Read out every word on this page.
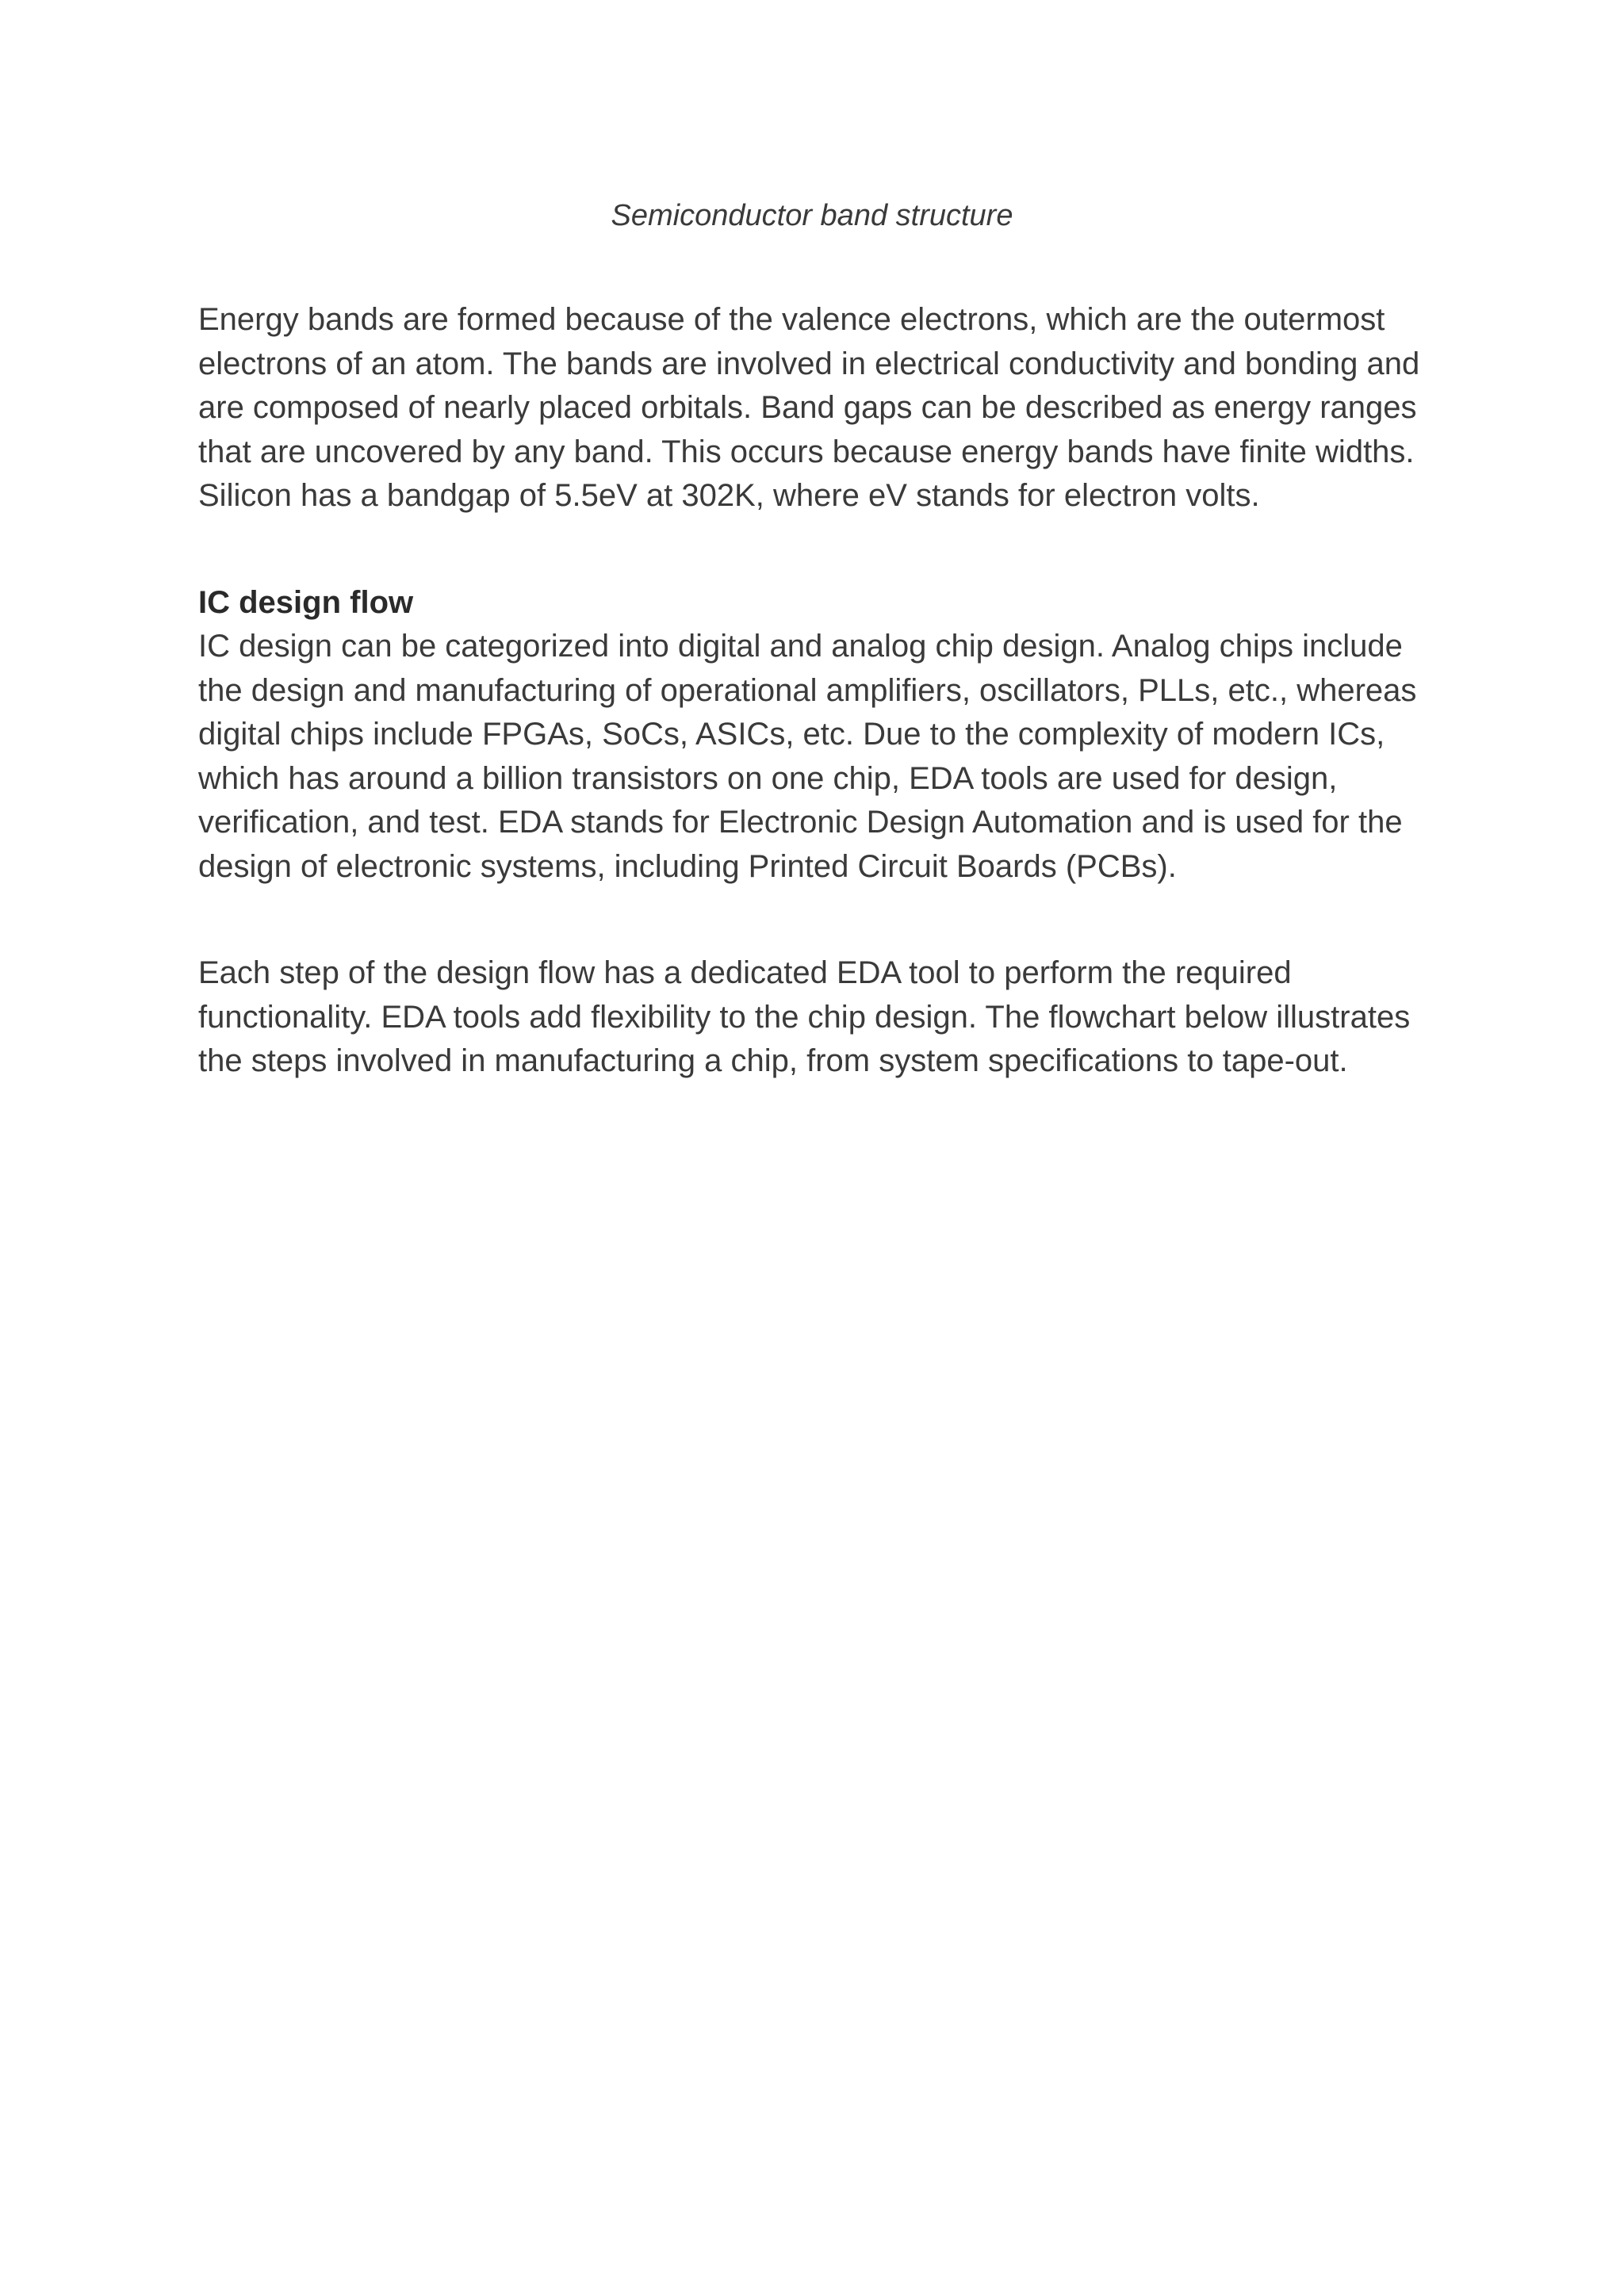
Semiconductor band structure

Energy bands are formed because of the valence electrons, which are the outermost electrons of an atom. The bands are involved in electrical conductivity and bonding and are composed of nearly placed orbitals. Band gaps can be described as energy ranges that are uncovered by any band. This occurs because energy bands have finite widths. Silicon has a bandgap of 5.5eV at 302K, where eV stands for electron volts.

IC design flow

IC design can be categorized into digital and analog chip design. Analog chips include the design and manufacturing of operational amplifiers, oscillators, PLLs, etc., whereas digital chips include FPGAs, SoCs, ASICs, etc. Due to the complexity of modern ICs, which has around a billion transistors on one chip, EDA tools are used for design, verification, and test. EDA stands for Electronic Design Automation and is used for the design of electronic systems, including Printed Circuit Boards (PCBs).

Each step of the design flow has a dedicated EDA tool to perform the required functionality. EDA tools add flexibility to the chip design. The flowchart below illustrates the steps involved in manufacturing a chip, from system specifications to tape-out.
